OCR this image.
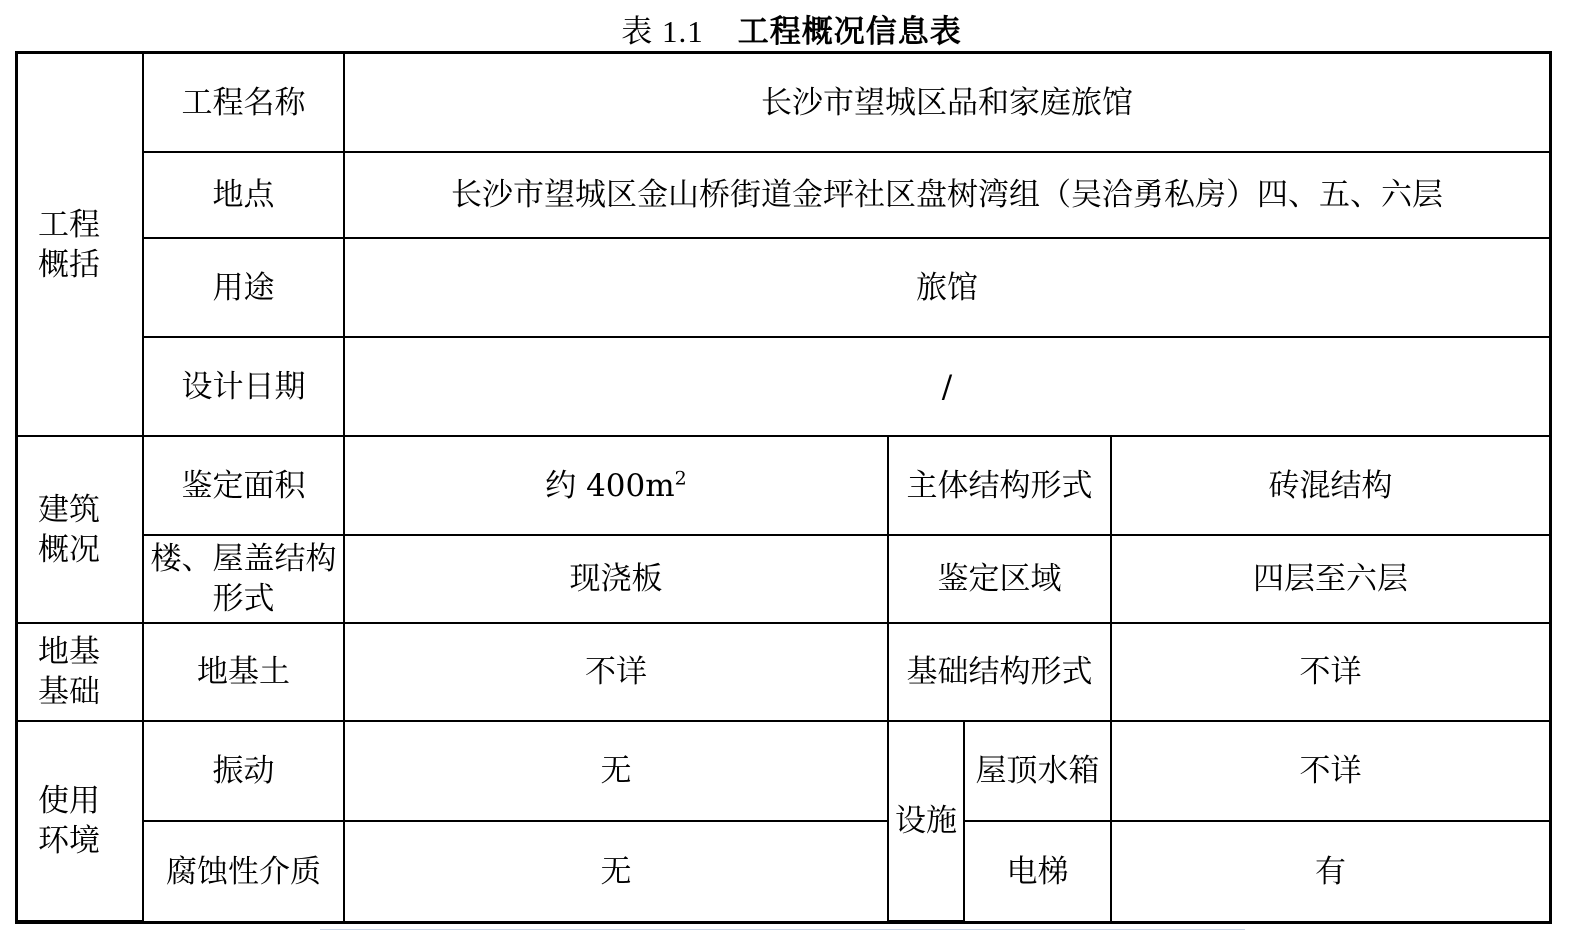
表 1.1 工程概况信息表
工程概括	工程名称	长沙市望城区品和家庭旅馆			
	地点	长沙市望城区金山桥街道金坪社区盘树湾组（吴洽勇私房）四、五、六层			
	用途	旅馆			
	设计日期	/			
建筑概况	鉴定面积	约 $400m^2$	主体结构形式		砖混结构
	楼、屋盖结构形式	现浇板	鉴定区域		四层至六层
地基基础	地基土	不详	基础结构形式		不详
使用环境	振动	无	设施	屋顶水箱	不详
	腐蚀性介质	无		电梯	有
